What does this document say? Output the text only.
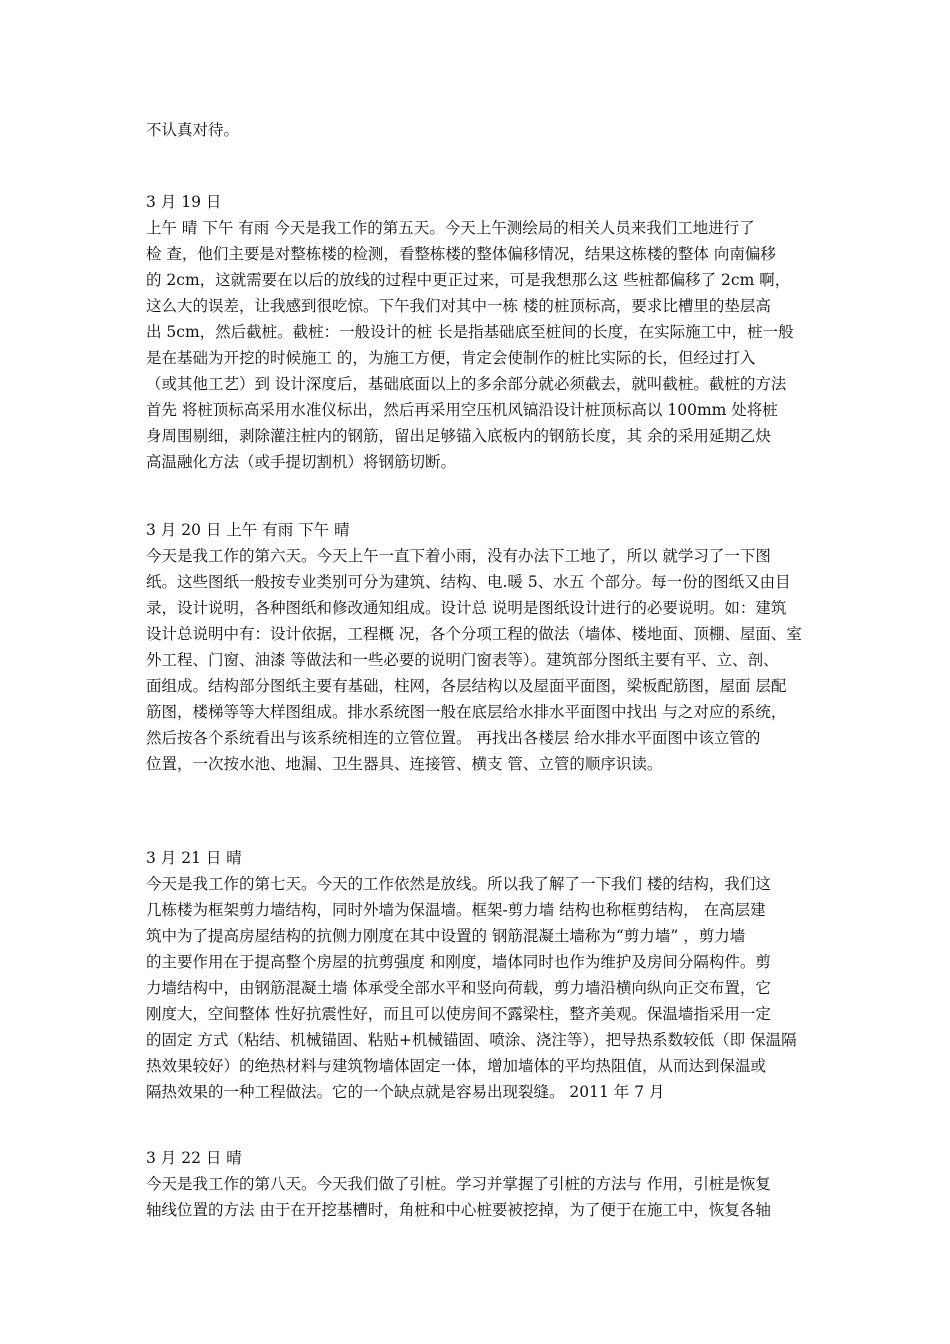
不认真对待。
3 月 19 日
上午 晴 下午 有雨 今天是我工作的第五天。今天上午测绘局的相关人员来我们工地进行了
检 查，他们主要是对整栋楼的检测，看整栋楼的整体偏移情况，结果这栋楼的整体 向南偏移
的 2cm，这就需要在以后的放线的过程中更正过来，可是我想那么这 些桩都偏移了 2cm 啊，
这么大的误差，让我感到很吃惊。下午我们对其中一栋 楼的桩顶标高，要求比槽里的垫层高
出 5cm，然后截桩。截桩：一般设计的桩 长是指基础底至桩间的长度，在实际施工中，桩一般
是在基础为开挖的时候施工 的，为施工方便，肯定会使制作的桩比实际的长，但经过打入
（或其他工艺）到 设计深度后，基础底面以上的多余部分就必须截去，就叫截桩。截桩的方法
首先 将桩顶标高采用水准仪标出，然后再采用空压机风镐沿设计桩顶标高以 100mm 处将桩
身周围剔细，剥除灌注桩内的钢筋，留出足够锚入底板内的钢筋长度，其 余的采用延期乙炔
高温融化方法（或手提切割机）将钢筋切断。
3 月 20 日 上午 有雨 下午 晴
今天是我工作的第六天。今天上午一直下着小雨，没有办法下工地了，所以 就学习了一下图
纸。这些图纸一般按专业类别可分为建筑、结构、电.暖 5、水五 个部分。每一份的图纸又由目
录，设计说明，各种图纸和修改通知组成。设计总 说明是图纸设计进行的必要说明。如：建筑
设计总说明中有：设计依据，工程概 况，各个分项工程的做法（墙体、楼地面、顶棚、屋面、室
外工程、门窗、油漆 等做法和一些必要的说明门窗表等）。建筑部分图纸主要有平、立、剖、
面组成。结构部分图纸主要有基础，柱网，各层结构以及屋面平面图，梁板配筋图，屋面 层配
筋图，楼梯等等大样图组成。排水系统图一般在底层给水排水平面图中找出 与之对应的系统，
然后按各个系统看出与该系统相连的立管位置。 再找出各楼层 给水排水平面图中该立管的
位置，一次按水池、地漏、卫生器具、连接管、横支 管、立管的顺序识读。
3 月 21 日 晴
今天是我工作的第七天。今天的工作依然是放线。所以我了解了一下我们 楼的结构，我们这
几栋楼为框架剪力墙结构，同时外墙为保温墙。框架-剪力墙 结构也称框剪结构， 在高层建
筑中为了提高房屋结构的抗侧力刚度在其中设置的 钢筋混凝土墙称为“剪力墙” ，剪力墙
的主要作用在于提高整个房屋的抗剪强度 和刚度，墙体同时也作为维护及房间分隔构件。剪
力墙结构中，由钢筋混凝土墙 体承受全部水平和竖向荷载，剪力墙沿横向纵向正交布置，它
刚度大，空间整体 性好抗震性好，而且可以使房间不露梁柱，整齐美观。保温墙指采用一定
的固定 方式（粘结、机械锚固、粘贴+机械锚固、喷涂、浇注等），把导热系数较低（即 保温隔
热效果较好）的绝热材料与建筑物墙体固定一体，增加墙体的平均热阻值，从而达到保温或
隔热效果的一种工程做法。它的一个缺点就是容易出现裂缝。 2011 年 7 月
3 月 22 日 晴
今天是我工作的第八天。今天我们做了引桩。学习并掌握了引桩的方法与 作用，引桩是恢复
轴线位置的方法 由于在开挖基槽时，角桩和中心桩要被挖掉，为了便于在施工中，恢复各轴
